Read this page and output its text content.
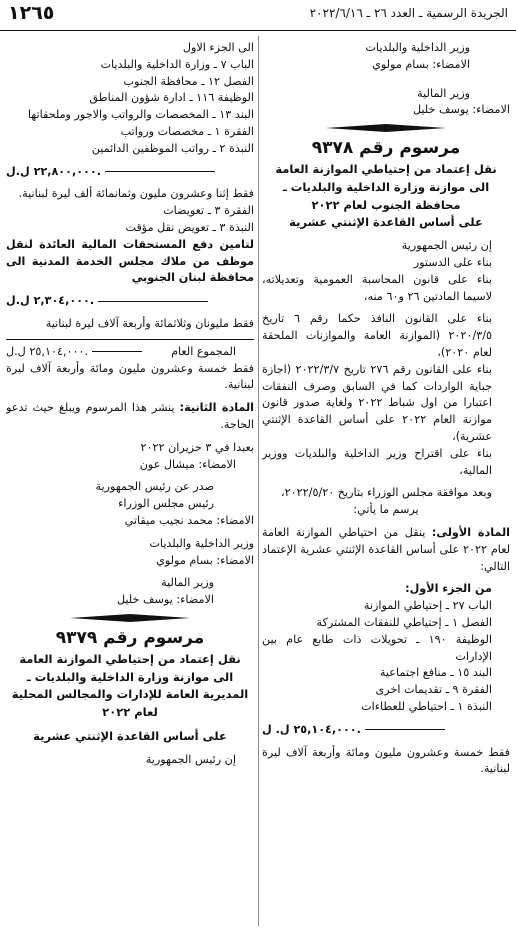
الجريدة الرسمية ـ العدد ٢٦ ـ ٢٠٢٢/٦/١٦
١٢٦٥
وزير الداخلية والبلديات
الامضاء: بسام مولوي
وزير المالية
الامضاء: يوسف خليل
مرسوم رقم ٩٣٧٨
نقل إعتماد من إحتياطي الموازنة العامة
الى موازنة وزارة الداخلية والبلديات ـ
محافظة الجنوب لعام ٢٠٢٢
على أساس القاعدة الإثنتي عشرية
إن رئيس الجمهورية
بناء على الدستور
بناء على قانون المحاسبة العمومية وتعديلاته، لاسيما المادتين ٢٦ و٦٠ منه،
بناء على القانون النافذ حكما رقم ٦ تاريخ ٢٠٢٠/٣/٥ (الموازنة العامة والموازنات الملحقة لعام ٢٠٢٠)،
بناء على القانون رقم ٢٧٦ تاريخ ٢٠٢٢/٣/٧ (اجازة جباية الواردات كما في السابق وصرف النفقات اعتبارا من اول شباط ٢٠٢٢ ولغاية صدور قانون موازنة العام ٢٠٢٢ على أساس القاعدة الإثنتي عشرية)،
بناء على اقتراح وزير الداخلية والبلديات ووزير المالية،
وبعد موافقة مجلس الوزراء بتاريخ ٢٠٢٢/٥/٢٠،
يرسم ما يأتي:
المادة الأولى: ينقل من احتياطي الموازنة العامة لعام ٢٠٢٢ على أساس القاعدة الإثنتي عشرية الإعتماد التالي:
من الجزء الأول:
الباب ٢٧ ـ إحتياطي الموازنة
الفصل ١ ـ إحتياطي للنفقات المشتركة
الوظيفة ١٩٠ ـ تحويلات ذات طابع عام بين الإدارات
البند ١٥ ـ منافع اجتماعية
الفقرة ٩ ـ تقديمات اخرى
النبذة ١ ـ احتياطي للعطاءات
٢٥,١٠٤,٠٠٠ ل. ل.
فقط خمسة وعشرون مليون ومائة وأربعة آلاف ليرة لبنانية.
الى الجزء الاول
الباب ٧ ـ وزارة الداخلية والبلديات
الفصل ١٢ ـ محافظة الجنوب
الوظيفة ١١٦ ـ ادارة شؤون المناطق
البند ١٣ ـ المخصصات والرواتب والاجور وملحقاتها
الفقرة ١ ـ مخصصات ورواتب
النبذة ٢ ـ رواتب الموظفين الدائمين
٢٢,٨٠٠,٠٠٠ ل.ل.
فقط إثنا وعشرون مليون وثمانمائة ألف ليرة لبنانية.
الفقرة ٣ ـ تعويضات
النبذة ٣ ـ تعويض نقل مؤقت
لتامين دفع المستحقات المالية العائدة لنقل موظف من ملاك مجلس الخدمة المدنية الى محافظة لبنان الجنوبي
٢,٣٠٤,٠٠٠ ل.ل.
فقط مليونان وثلاثمائة وأربعة آلاف ليرة لبنانية
المجموع العام
٢٥,١٠٤,٠٠٠ ل.ل.
فقط خمسة وعشرون مليون ومائة وأربعة آلاف ليرة لبنانية.
المادة الثانية: ينشر هذا المرسوم ويبلغ حيث تدعو الحاجة.
بعبدا في ٣ حزيران ٢٠٢٢
الامضاء: ميشال عون
صدر عن رئيس الجمهورية
رئيس مجلس الوزراء
الامضاء: محمد نجيب ميقاتي
وزير الداخلية والبلديات
الامضاء: بسام مولوي
وزير المالية
الامضاء: يوسف خليل
مرسوم رقم ٩٣٧٩
نقل إعتماد من إحتياطي الموازنة العامة
الى موازنة وزارة الداخلية والبلديات ـ
المديرية العامة للإدارات والمجالس المحلية
لعام ٢٠٢٢
على أساس القاعدة الإثنتي عشرية
إن رئيس الجمهورية
